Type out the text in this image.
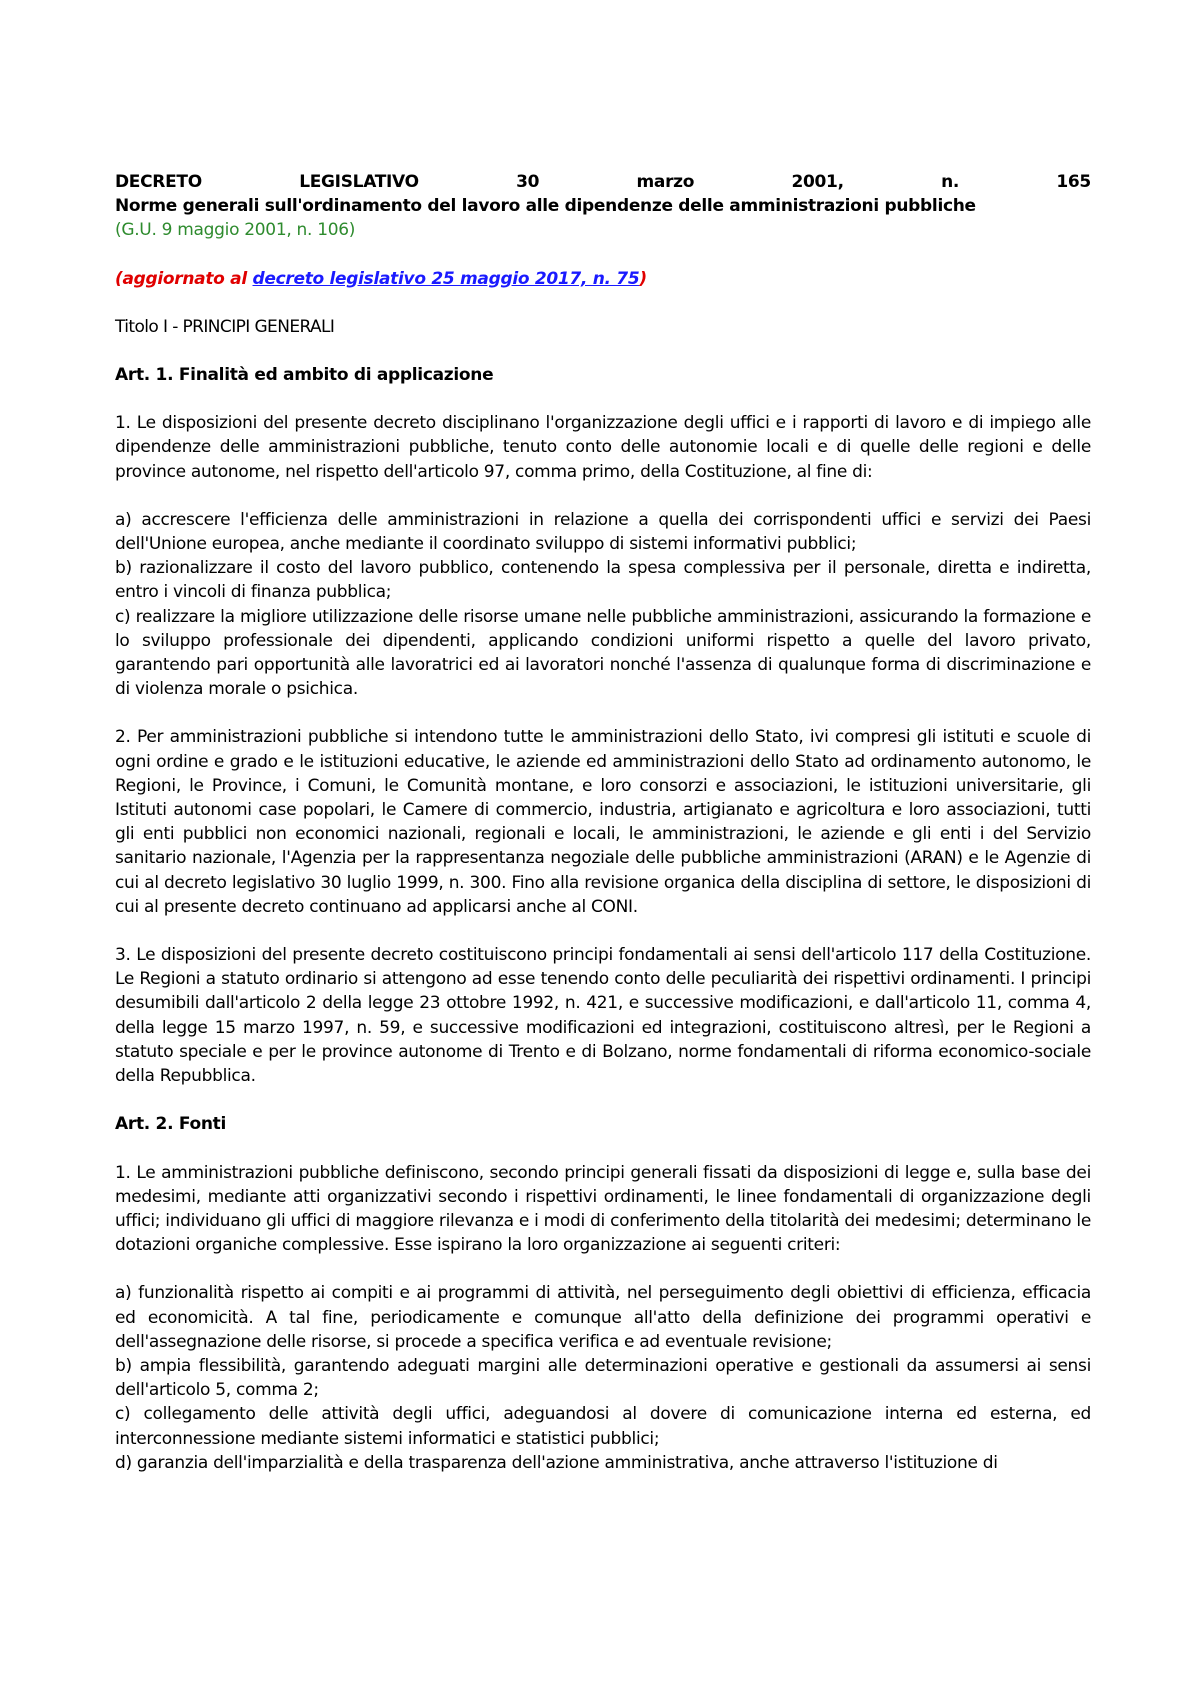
DECRETO	LEGISLATIVO	30	marzo	2001,	n.	165

Norme generali sull'ordinamento del lavoro alle dipendenze delle amministrazioni pubbliche

(G.U. 9 maggio 2001, n. 106)

(aggiornato al decreto legislativo 25 maggio 2017, n. 75)

Titolo I - PRINCIPI GENERALI

Art. 1. Finalità ed ambito di applicazione

1. Le disposizioni del presente decreto disciplinano l'organizzazione degli uffici e i rapporti di lavoro e di impiego alle dipendenze delle amministrazioni pubbliche, tenuto conto delle autonomie locali e di quelle delle regioni e delle province autonome, nel rispetto dell'articolo 97, comma primo, della Costituzione, al fine di:

a) accrescere l'efficienza delle amministrazioni in relazione a quella dei corrispondenti uffici e servizi dei Paesi dell'Unione europea, anche mediante il coordinato sviluppo di sistemi informativi pubblici;

b) razionalizzare il costo del lavoro pubblico, contenendo la spesa complessiva per il personale, diretta e indiretta, entro i vincoli di finanza pubblica;

c) realizzare la migliore utilizzazione delle risorse umane nelle pubbliche amministrazioni, assicurando la formazione e lo sviluppo professionale dei dipendenti, applicando condizioni uniformi rispetto a quelle del lavoro privato, garantendo pari opportunità alle lavoratrici ed ai lavoratori nonché l'assenza di qualunque forma di discriminazione e di violenza morale o psichica.

2. Per amministrazioni pubbliche si intendono tutte le amministrazioni dello Stato, ivi compresi gli istituti e scuole di ogni ordine e grado e le istituzioni educative, le aziende ed amministrazioni dello Stato ad ordinamento autonomo, le Regioni, le Province, i Comuni, le Comunità montane, e loro consorzi e associazioni, le istituzioni universitarie, gli Istituti autonomi case popolari, le Camere di commercio, industria, artigianato e agricoltura e loro associazioni, tutti gli enti pubblici non economici nazionali, regionali e locali, le amministrazioni, le aziende e gli enti i del Servizio sanitario nazionale, l'Agenzia per la rappresentanza negoziale delle pubbliche amministrazioni (ARAN) e le Agenzie di cui al decreto legislativo 30 luglio 1999, n. 300. Fino alla revisione organica della disciplina di settore, le disposizioni di cui al presente decreto continuano ad applicarsi anche al CONI.

3. Le disposizioni del presente decreto costituiscono principi fondamentali ai sensi dell'articolo 117 della Costituzione. Le Regioni a statuto ordinario si attengono ad esse tenendo conto delle peculiarità dei rispettivi ordinamenti. I principi desumibili dall'articolo 2 della legge 23 ottobre 1992, n. 421, e successive modificazioni, e dall'articolo 11, comma 4, della legge 15 marzo 1997, n. 59, e successive modificazioni ed integrazioni, costituiscono altresì, per le Regioni a statuto speciale e per le province autonome di Trento e di Bolzano, norme fondamentali di riforma economico-sociale della Repubblica.

Art. 2. Fonti

1. Le amministrazioni pubbliche definiscono, secondo principi generali fissati da disposizioni di legge e, sulla base dei medesimi, mediante atti organizzativi secondo i rispettivi ordinamenti, le linee fondamentali di organizzazione degli uffici; individuano gli uffici di maggiore rilevanza e i modi di conferimento della titolarità dei medesimi; determinano le dotazioni organiche complessive. Esse ispirano la loro organizzazione ai seguenti criteri:

a) funzionalità rispetto ai compiti e ai programmi di attività, nel perseguimento degli obiettivi di efficienza, efficacia ed economicità. A tal fine, periodicamente e comunque all'atto della definizione dei programmi operativi e dell'assegnazione delle risorse, si procede a specifica verifica e ad eventuale revisione;

b) ampia flessibilità, garantendo adeguati margini alle determinazioni operative e gestionali da assumersi ai sensi dell'articolo 5, comma 2;

c) collegamento delle attività degli uffici, adeguandosi al dovere di comunicazione interna ed esterna, ed interconnessione mediante sistemi informatici e statistici pubblici;

d) garanzia dell'imparzialità e della trasparenza dell'azione amministrativa, anche attraverso l'istituzione di
